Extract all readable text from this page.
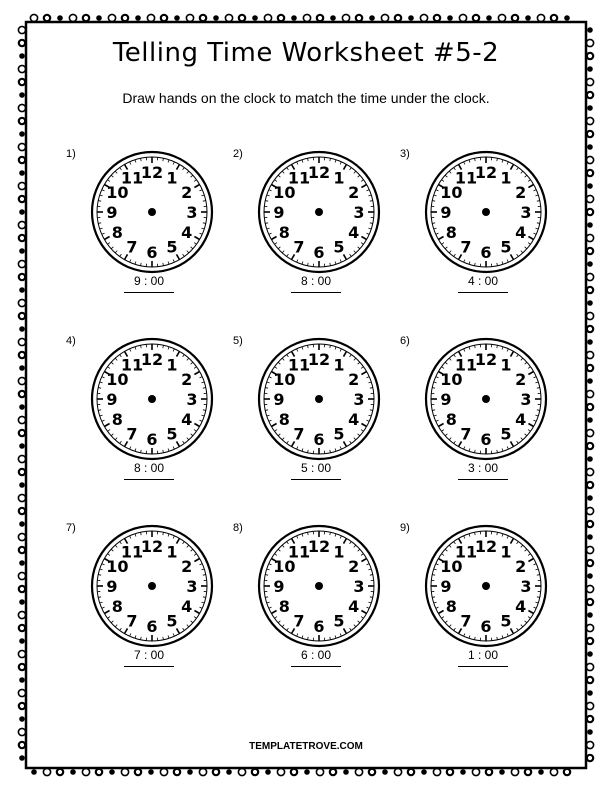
Telling Time Worksheet #5-2
Draw hands on the clock to match the time under the clock.
1)
12 1
2
3
4
5
6
7
8
9
10
11
9 : 00
2)
12 1
2
3
4
5
6
7
8
9
10
11
8 : 00
3)
12 1
2
3
4
5
6
7
8
9
10
11
4 : 00
4)
12 1
2
3
4
5
6
7
8
9
10
11
8 : 00
5)
12 1
2
3
4
5
6
7
8
9
10
11
5 : 00
6)
12 1
2
3
4
5
6
7
8
9
10
11
3 : 00
7)
12 1
2
3
4
5
6
7
8
9
10
11
7 : 00
8)
12 1
2
3
4
5
6
7
8
9
10
11
6 : 00
9)
12 1
2
3
4
5
6
7
8
9
10
11
1 : 00
TEMPLATETROVE.COM
